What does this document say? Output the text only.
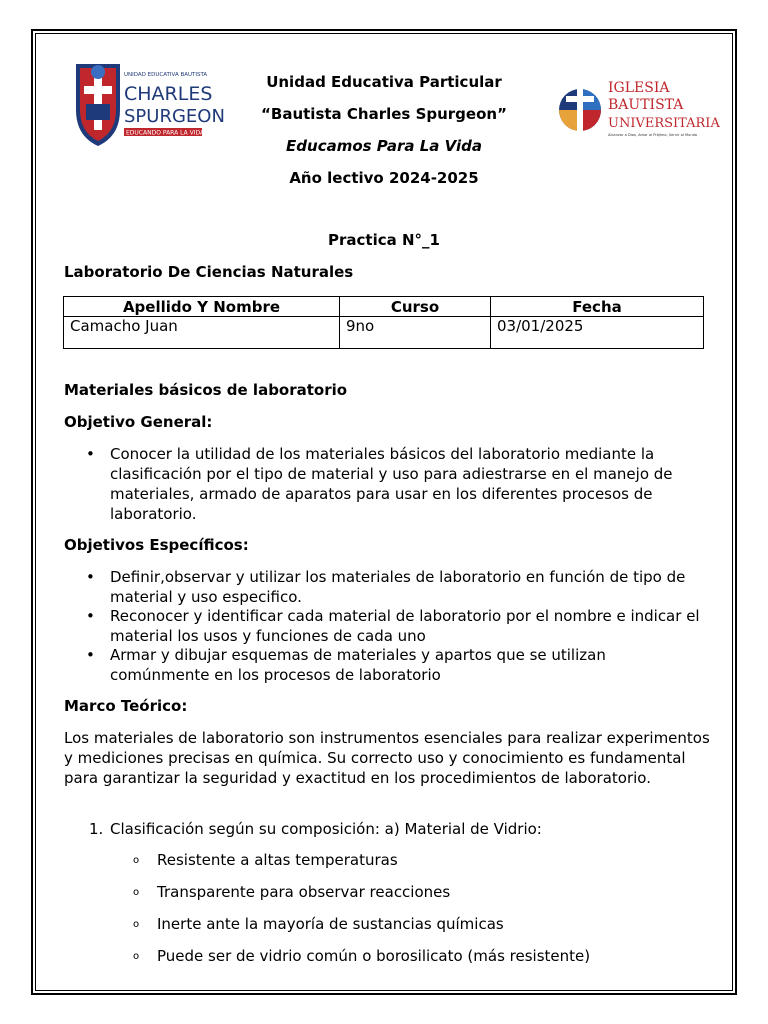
UNIDAD EDUCATIVA BAUTISTA
CHARLES
SPURGEON
EDUCANDO PARA LA VIDA
Unidad Educativa Particular
“Bautista Charles Spurgeon”
Educamos Para La Vida
Año lectivo 2024-2025
IGLESIA
BAUTISTA
UNIVERSITARIA
Alcanzar a Dios, Amar al Prójimo, Servir al Mundo
Practica N°_1
Laboratorio De Ciencias Naturales
Apellido Y Nombre	Curso	Fecha
Camacho Juan	9no	03/01/2025
Materiales básicos de laboratorio
Objetivo General:
• Conocer la utilidad de los materiales básicos del laboratorio mediante la clasificación por el tipo de material y uso para adiestrarse en el manejo de materiales, armado de aparatos para usar en los diferentes procesos de laboratorio.
Objetivos Específicos:
• Definir,observar y utilizar los materiales de laboratorio en función de tipo de material y uso especifico.
• Reconocer y identificar cada material de laboratorio por el nombre e indicar el material los usos y funciones de cada uno
• Armar y dibujar esquemas de materiales y apartos que se utilizan comúnmente en los procesos de laboratorio
Marco Teórico:
Los materiales de laboratorio son instrumentos esenciales para realizar experimentos y mediciones precisas en química. Su correcto uso y conocimiento es fundamental para garantizar la seguridad y exactitud en los procedimientos de laboratorio.
1. Clasificación según su composición: a) Material de Vidrio:
o Resistente a altas temperaturas
o Transparente para observar reacciones
o Inerte ante la mayoría de sustancias químicas
o Puede ser de vidrio común o borosilicato (más resistente)
